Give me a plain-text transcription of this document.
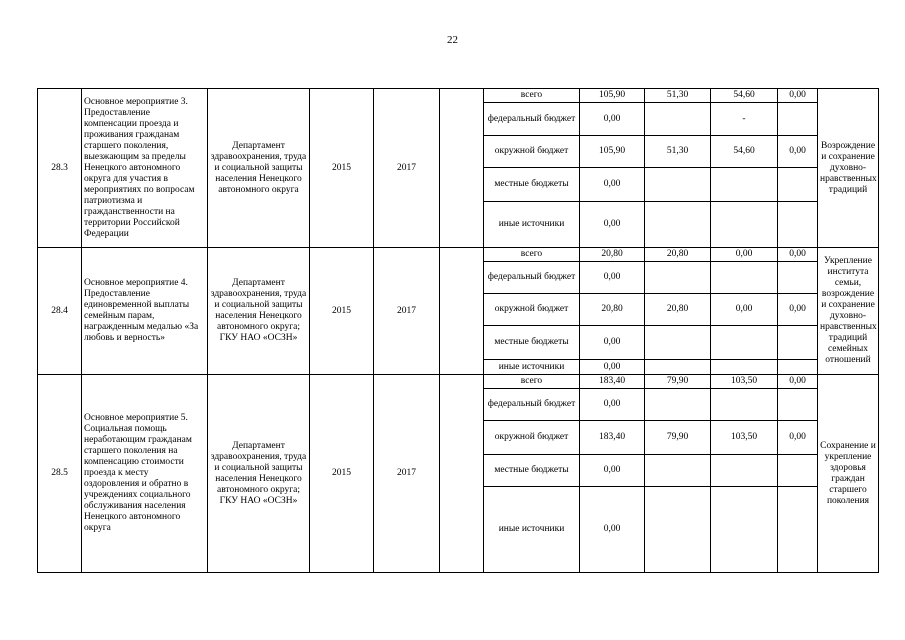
22
28.3	Основное мероприятие 3. Предоставление компенсации проезда и проживания гражданам старшего поколения, выезжающим за пределы Ненецкого автономного округа для участия в мероприятиях по вопросам патриотизма и гражданственности на территории Российской Федерации	Департамент здравоохранения, труда и социальной защиты населения Ненецкого автономного округа	2015	2017		всего	105,90	51,30	54,60	0,00	Возрождение и сохранение духовно-нравственных традиций
						федеральный бюджет	0,00		-		
						окружной бюджет	105,90	51,30	54,60	0,00	
						местные бюджеты	0,00				
						иные источники	0,00				
28.4	Основное мероприятие 4. Предоставление единовременной выплаты семейным парам, награжденным медалью «За любовь и верность»	Департамент здравоохранения, труда и социальной защиты населения Ненецкого автономного округа; ГКУ НАО «ОСЗН»	2015	2017		всего	20,80	20,80	0,00	0,00	Укрепление института семьи, возрождение и сохранение духовно-нравственных традиций семейных отношений
						федеральный бюджет	0,00				
						окружной бюджет	20,80	20,80	0,00	0,00	
						местные бюджеты	0,00				
						иные источники	0,00				
28.5	Основное мероприятие 5. Социальная помощь неработающим гражданам старшего поколения на компенсацию стоимости проезда к месту оздоровления и обратно в учреждениях социального обслуживания населения Ненецкого автономного округа	Департамент здравоохранения, труда и социальной защиты населения Ненецкого автономного округа; ГКУ НАО «ОСЗН»	2015	2017		всего	183,40	79,90	103,50	0,00	Сохранение и укрепление здоровья граждан старшего поколения
						федеральный бюджет	0,00				
						окружной бюджет	183,40	79,90	103,50	0,00	
						местные бюджеты	0,00				
						иные источники	0,00				
